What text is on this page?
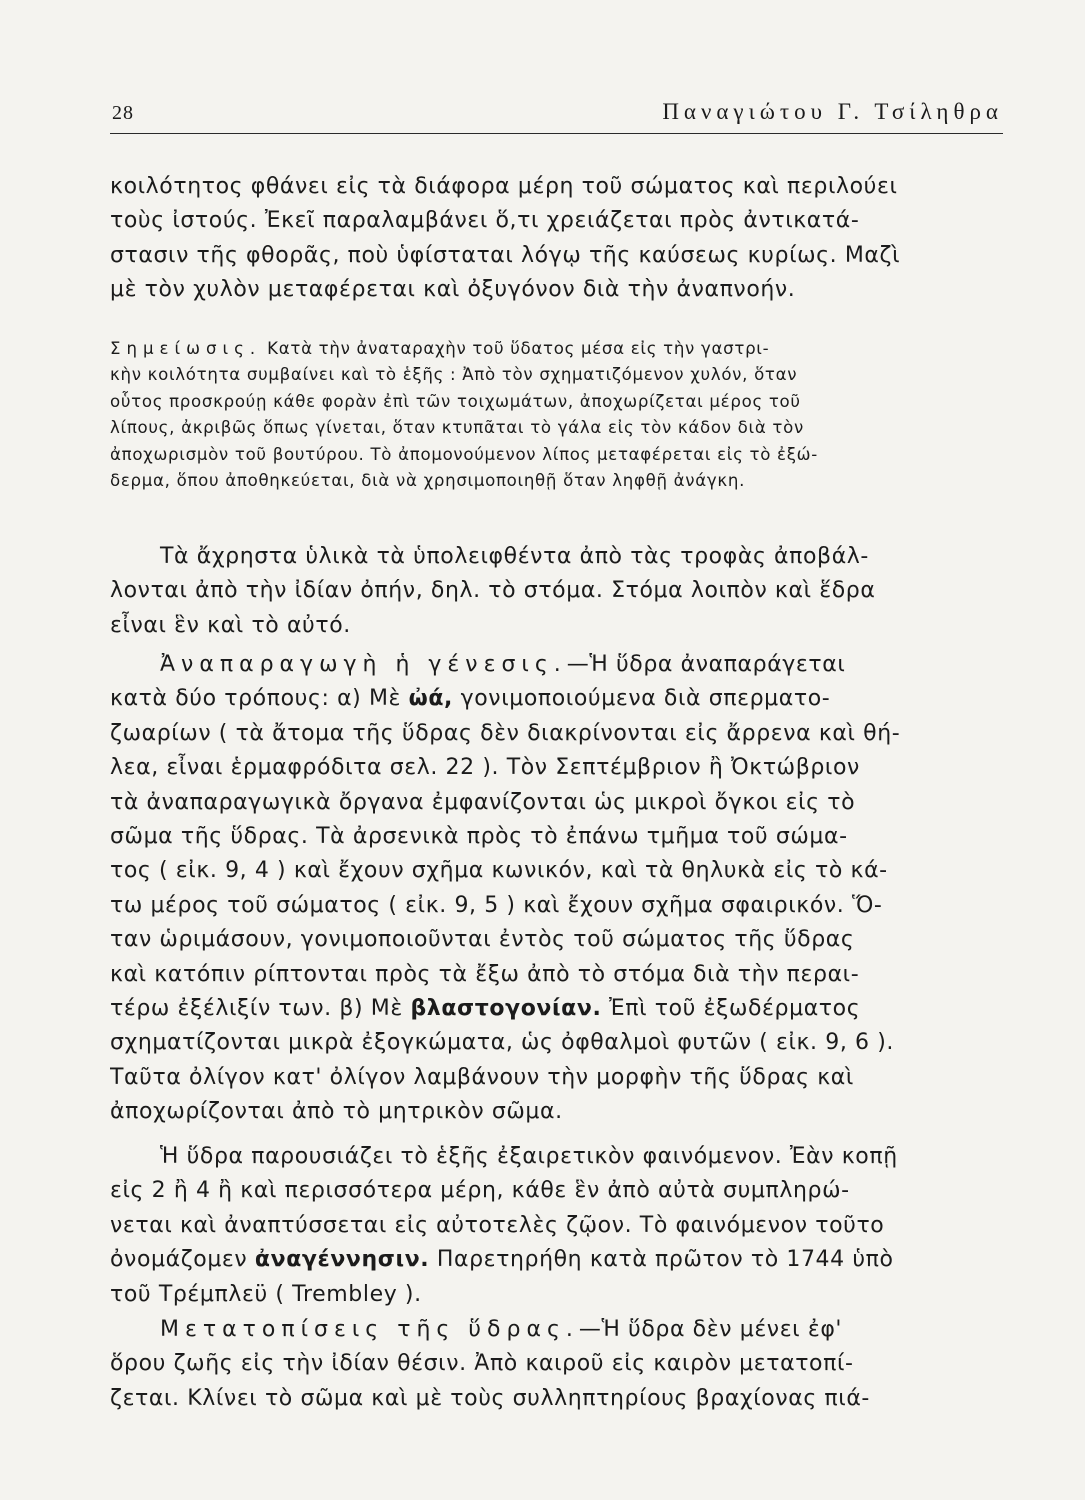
28	Παναγιώτου Γ. Τσίληθρα
κοιλότητος φθάνει εἰς τὰ διάφορα μέρη τοῦ σώματος καὶ περιλούει
τοὺς ἰστούς. Ἐκεῖ παραλαμβάνει ὅ,τι χρειάζεται πρὸς ἀντικατά-
στασιν τῆς φθορᾶς, ποὺ ὑφίσταται λόγῳ τῆς καύσεως κυρίως. Μαζὶ
μὲ τὸν χυλὸν μεταφέρεται καὶ ὀξυγόνον διὰ τὴν ἀναπνοήν.
Σημείωσις. Κατὰ τὴν ἀναταραχὴν τοῦ ὕδατος μέσα εἰς τὴν γαστρι-
κὴν κοιλότητα συμβαίνει καὶ τὸ ἑξῆς : Ἀπὸ τὸν σχηματιζόμενον χυλόν, ὅταν
οὗτος προσκρούῃ κάθε φορὰν ἐπὶ τῶν τοιχωμάτων, ἀποχωρίζεται μέρος τοῦ
λίπους, ἀκριβῶς ὅπως γίνεται, ὅταν κτυπᾶται τὸ γάλα εἰς τὸν κάδον διὰ τὸν
ἀποχωρισμὸν τοῦ βουτύρου. Τὸ ἀπομονούμενον λίπος μεταφέρεται εἰς τὸ ἐξώ-
δερμα, ὅπου ἀποθηκεύεται, διὰ νὰ χρησιμοποιηθῇ ὅταν ληφθῇ ἀνάγκη.
Τὰ ἄχρηστα ὑλικὰ τὰ ὑπολειφθέντα ἀπὸ τὰς τροφὰς ἀποβάλ-
λονται ἀπὸ τὴν ἰδίαν ὀπήν, δηλ. τὸ στόμα. Στόμα λοιπὸν καὶ ἕδρα
εἶναι ἓν καὶ τὸ αὐτό.
Ἀναπαραγωγὴ ἡ γένεσις.—Ἡ ὕδρα ἀναπαράγεται
κατὰ δύο τρόπους: α) Μὲ ὠά, γονιμοποιούμενα διὰ σπερματο-
ζωαρίων ( τὰ ἄτομα τῆς ὕδρας δὲν διακρίνονται εἰς ἄρρενα καὶ θή-
λεα, εἶναι ἑρμαφρόδιτα σελ. 22 ). Τὸν Σεπτέμβριον ἢ Ὀκτώβριον
τὰ ἀναπαραγωγικὰ ὄργανα ἐμφανίζονται ὡς μικροὶ ὄγκοι εἰς τὸ
σῶμα τῆς ὕδρας. Τὰ ἀρσενικὰ πρὸς τὸ ἐπάνω τμῆμα τοῦ σώμα-
τος ( εἰκ. 9, 4 ) καὶ ἔχουν σχῆμα κωνικόν, καὶ τὰ θηλυκὰ εἰς τὸ κά-
τω μέρος τοῦ σώματος ( εἰκ. 9, 5 ) καὶ ἔχουν σχῆμα σφαιρικόν. Ὅ-
ταν ὡριμάσουν, γονιμοποιοῦνται ἐντὸς τοῦ σώματος τῆς ὕδρας
καὶ κατόπιν ρίπτονται πρὸς τὰ ἔξω ἀπὸ τὸ στόμα διὰ τὴν περαι-
τέρω ἐξέλιξίν των. β) Μὲ βλαστογονίαν. Ἐπὶ τοῦ ἐξωδέρματος
σχηματίζονται μικρὰ ἐξογκώματα, ὡς ὀφθαλμοὶ φυτῶν ( εἰκ. 9, 6 ).
Ταῦτα ὀλίγον κατ' ὀλίγον λαμβάνουν τὴν μορφὴν τῆς ὕδρας καὶ
ἀποχωρίζονται ἀπὸ τὸ μητρικὸν σῶμα.
Ἡ ὕδρα παρουσιάζει τὸ ἑξῆς ἐξαιρετικὸν φαινόμενον. Ἐὰν κοπῇ
εἰς 2 ἢ 4 ἢ καὶ περισσότερα μέρη, κάθε ἓν ἀπὸ αὐτὰ συμπληρώ-
νεται καὶ ἀναπτύσσεται εἰς αὐτοτελὲς ζῷον. Τὸ φαινόμενον τοῦτο
ὀνομάζομεν ἀναγέννησιν. Παρετηρήθη κατὰ πρῶτον τὸ 1744 ὑπὸ
τοῦ Τρέμπλεϋ ( Trembley ).
Μετατοπίσεις τῆς ὕδρας.—Ἡ ὕδρα δὲν μένει ἐφ'
ὅρου ζωῆς εἰς τὴν ἰδίαν θέσιν. Ἀπὸ καιροῦ εἰς καιρὸν μετατοπί-
ζεται. Κλίνει τὸ σῶμα καὶ μὲ τοὺς συλληπτηρίους βραχίονας πιά-
